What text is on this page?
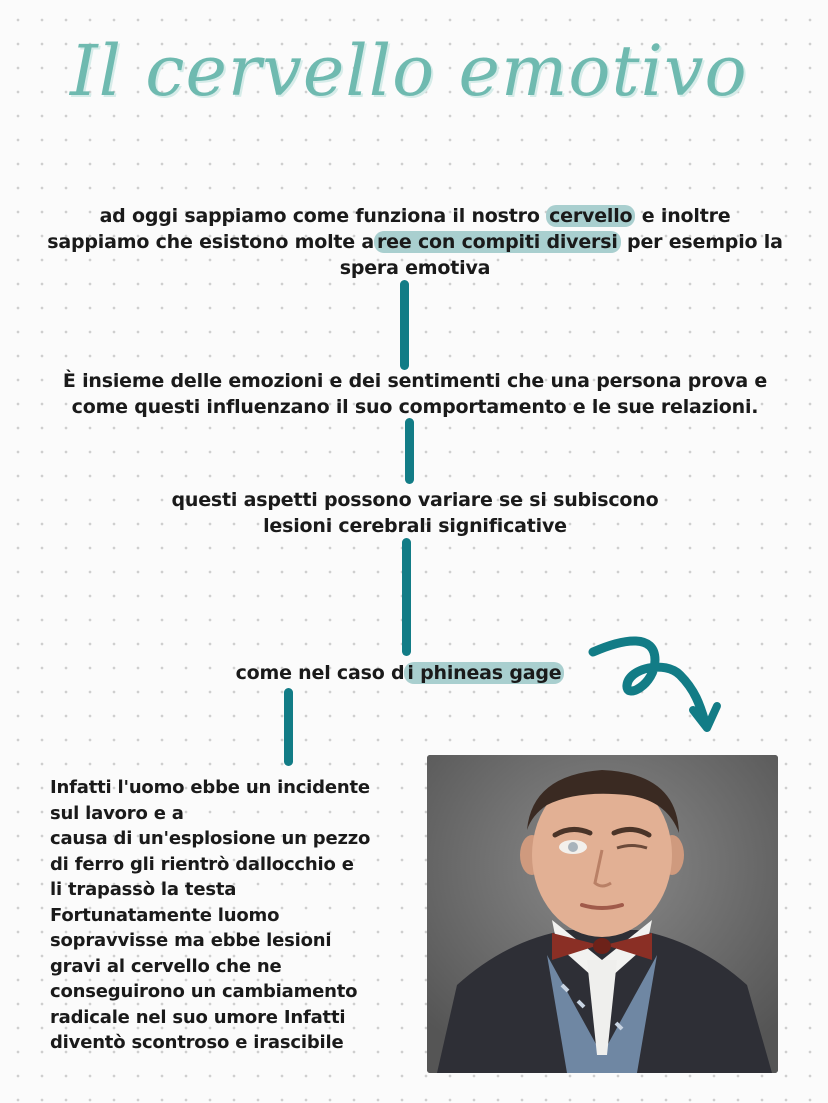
Il cervello emotivo
ad oggi sappiamo come funziona il nostro cervello e inoltre
sappiamo che esistono molte a ree con compiti diversi per esempio la
spera emotiva
È insieme delle emozioni e dei sentimenti che una persona prova e
come questi influenzano il suo comportamento e le sue relazioni.
questi aspetti possono variare se si subiscono
lesioni cerebrali significative
come nel caso d i phineas gage
Infatti l'uomo ebbe un incidente
sul lavoro e a
causa di un'esplosione un pezzo
di ferro gli rientrò dallocchio e
li trapassò la testa
Fortunatamente luomo
sopravvisse ma ebbe lesioni
gravi al cervello che ne
conseguirono un cambiamento
radicale nel suo umore Infatti
diventò scontroso e irascibile
